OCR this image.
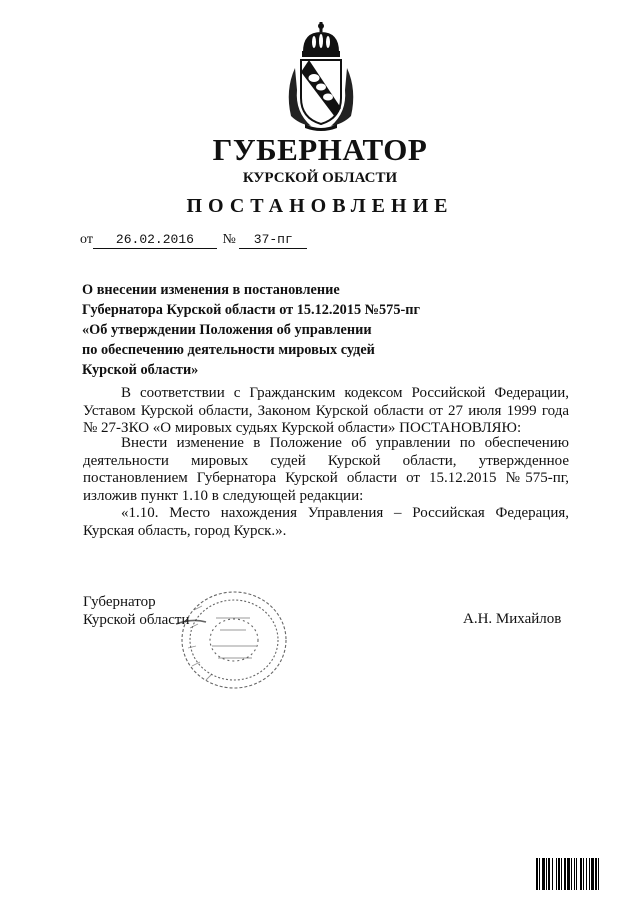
ГУБЕРНАТОР
КУРСКОЙ ОБЛАСТИ
ПОСТАНОВЛЕНИЕ
от 26.02.2016 № 37-пг
О внесении изменения в постановление
Губернатора Курской области от 15.12.2015 №575-пг
«Об утверждении Положения об управлении
по обеспечению деятельности мировых судей
Курской области»

В соответствии с Гражданским кодексом Российской Федерации, Уставом Курской области, Законом Курской области от 27 июля 1999 года № 27-ЗКО «О мировых судьях Курской области» ПОСТАНОВЛЯЮ:

Внести изменение в Положение об управлении по обеспечению деятельности мировых судей Курской области, утвержденное постановлением Губернатора Курской области от 15.12.2015 №575-пг, изложив пункт 1.10 в следующей редакции:

«1.10. Место нахождения Управления – Российская Федерация, Курская область, город Курск.».

Губернатор
Курской области	А.Н. Михайлов
